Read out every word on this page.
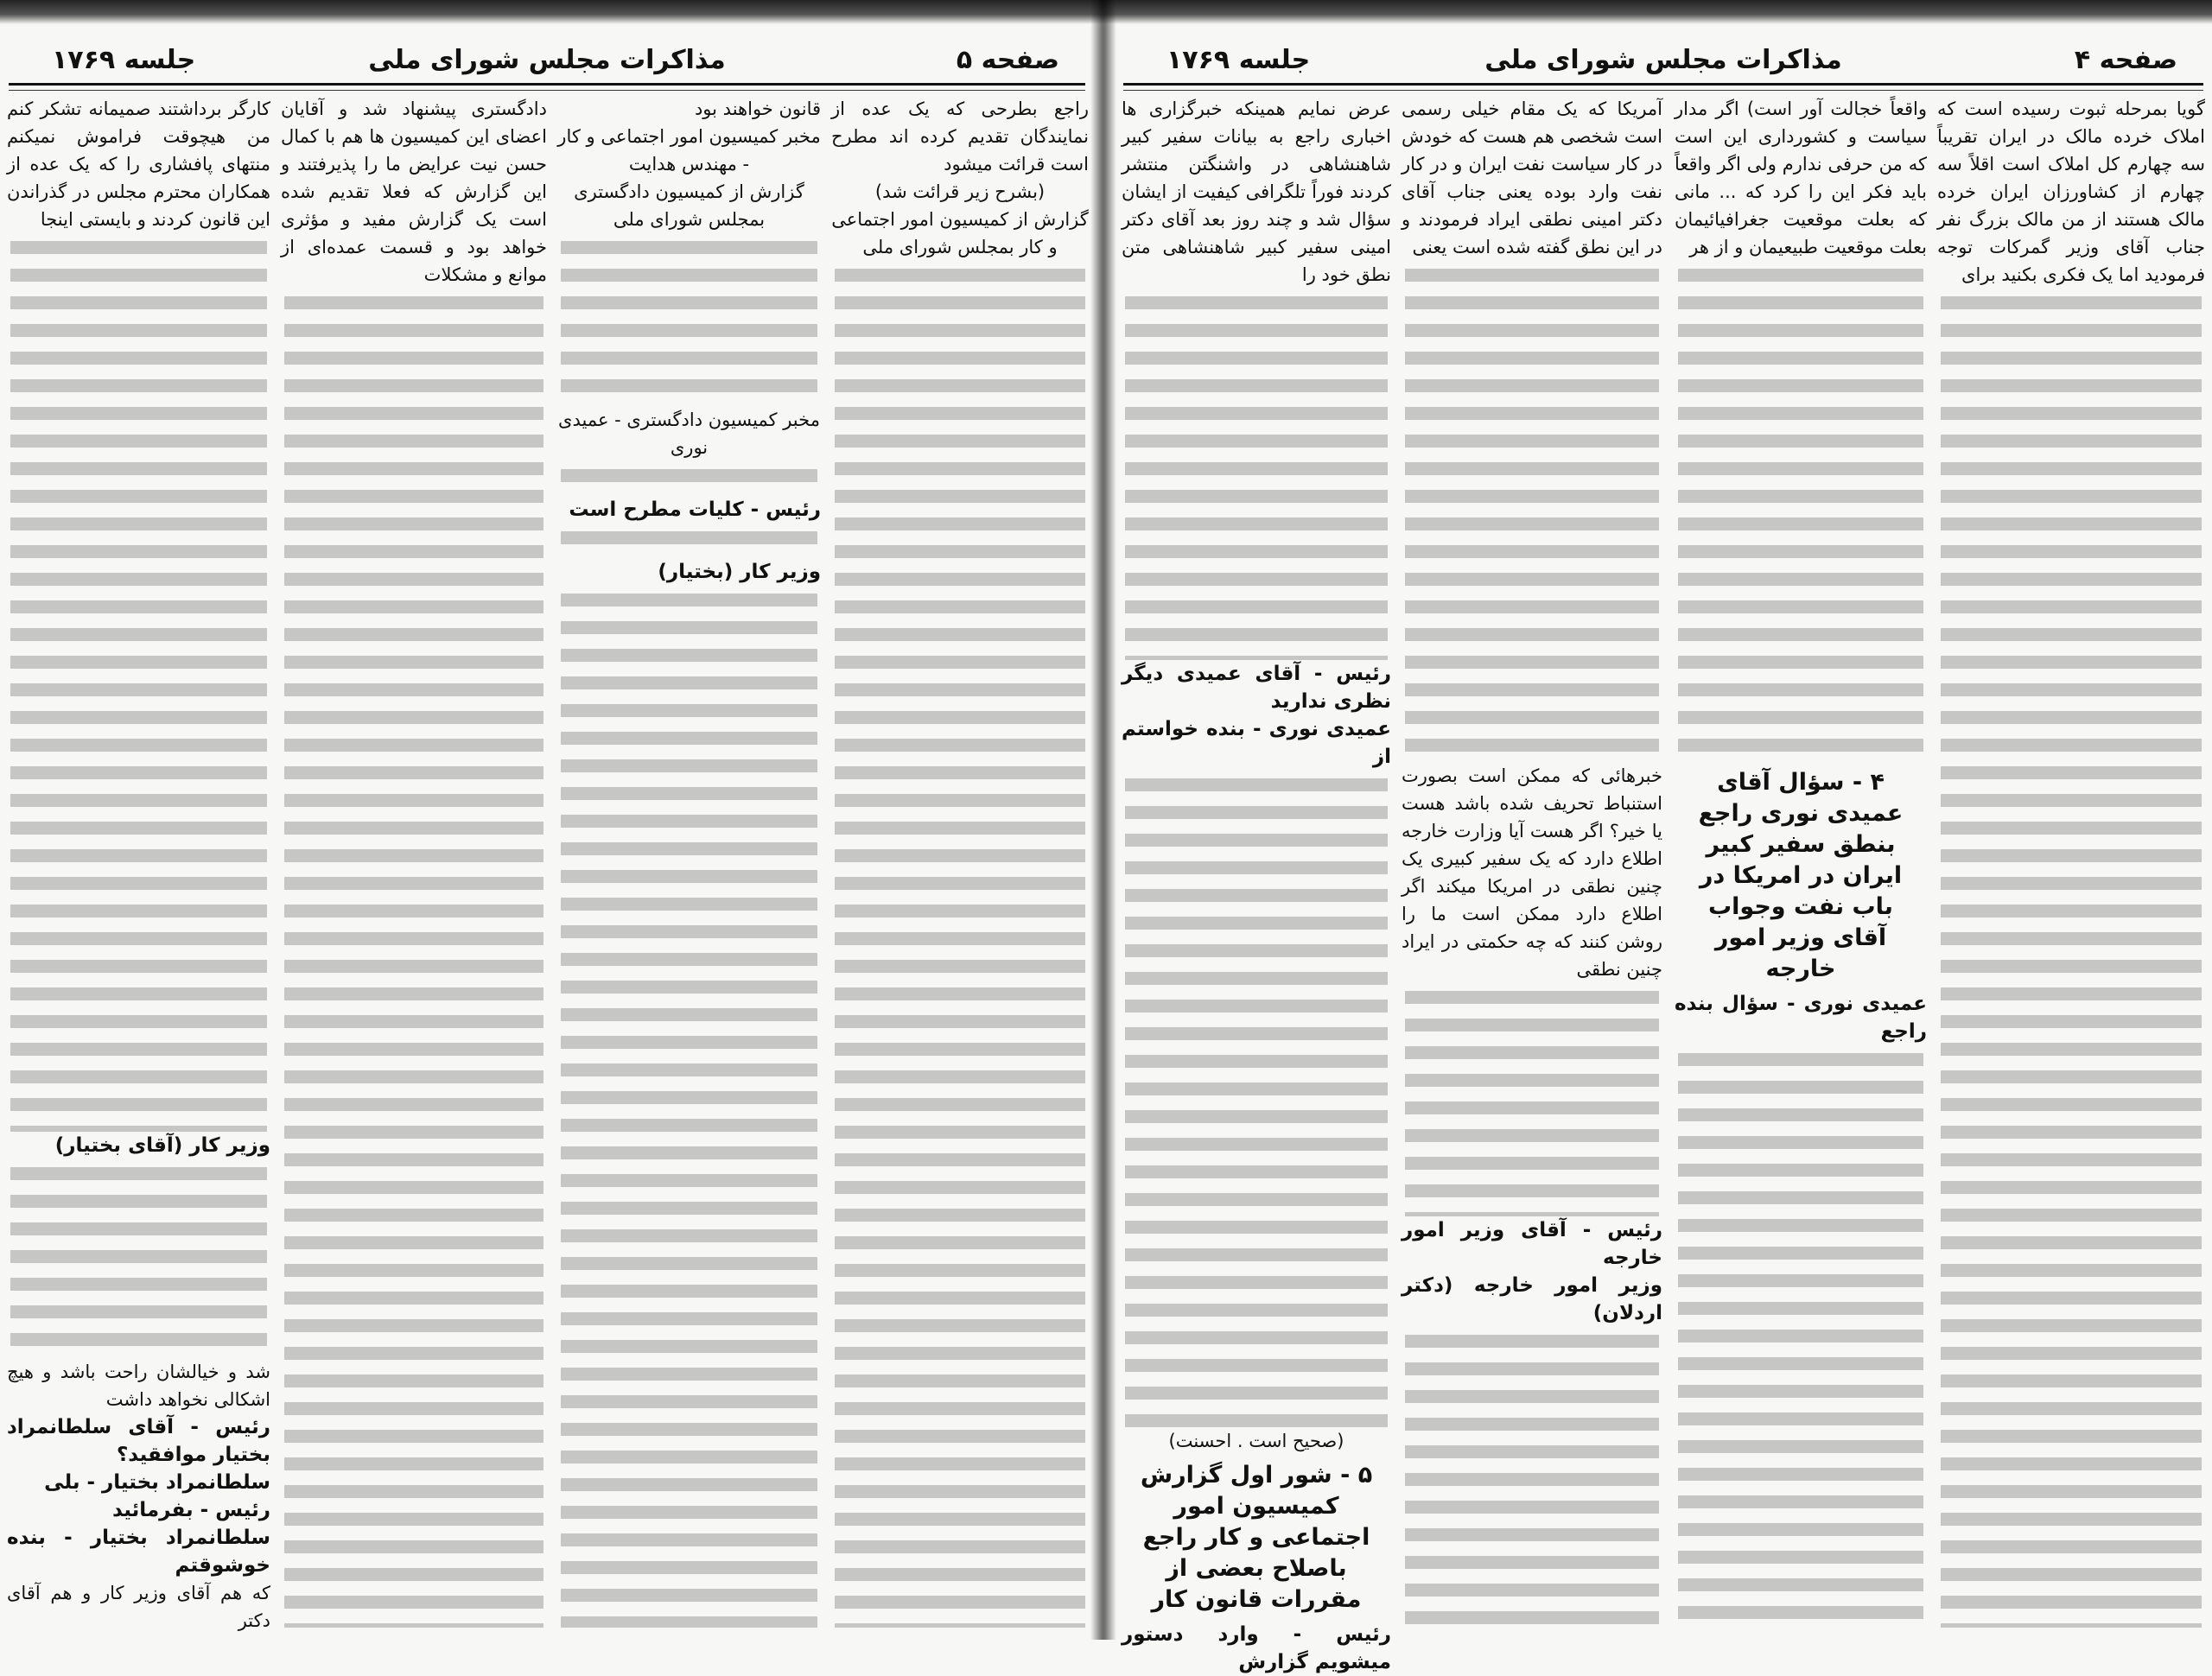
صفحه ۵
مذاکرات مجلس شورای ملی
جلسه ۱۷۶۹

کارگر برداشتند صمیمانه تشکر کنم من هیچوقت فراموش نمیکنم منتهای پافشاری را که یک عده از همکاران محترم مجلس در گذراندن این قانون کردند و بایستی اینجا

وزیر کار (آقای بختیار)

شد و خیالشان راحت باشد و هیچ اشکالی نخواهد داشت

رئیس - آقای سلطانمراد بختیار موافقید؟

سلطانمراد بختیار - بلی

رئیس - بفرمائید

سلطانمراد بختیار - بنده خوشوقتم

که هم آقای وزیر کار و هم آقای دکتر

دادگستری پیشنهاد شد و آقایان اعضای این کمیسیون ها هم با کمال حسن نیت عرایض ما را پذیرفتند و این گزارش که فعلا تقدیم شده است یک گزارش مفید و مؤثری خواهد بود و قسمت عمده‌ای از موانع و مشکلات

قانون خواهند بود

مخبر کمیسیون امور اجتماعی و کار - مهندس هدایت

گزارش از کمیسیون دادگستری بمجلس شورای ملی

مخبر کمیسیون دادگستری - عمیدی نوری

رئیس - کلیات مطرح است

وزیر کار (بختیار)

راجع بطرحی که یک عده از نمایندگان تقدیم کرده اند مطرح است قرائت میشود

(بشرح زیر قرائت شد)

گزارش از کمیسیون امور اجتماعی و کار بمجلس شورای ملی

صفحه ۴
مذاکرات مجلس شورای ملی
جلسه ۱۷۶۹

عرض نمایم همینکه خبرگزاری ها اخباری راجع به بیانات سفیر کبیر شاهنشاهی در واشنگتن منتشر کردند فوراً تلگرافی کیفیت از ایشان سؤال شد و چند روز بعد آقای دکتر امینی سفیر کبیر شاهنشاهی متن نطق خود را

رئیس - آقای عمیدی دیگر نظری ندارید

عمیدی نوری - بنده خواستم از

(صحیح است . احسنت)

۵ - شور اول گزارش کمیسیون امور اجتماعی و کار راجع باصلاح بعضی از مقررات قانون کار

رئیس - وارد دستور میشویم گزارش

آمریکا که یک مقام خیلی رسمی است شخصی هم هست که خودش در کار سیاست نفت ایران و در کار نفت وارد بوده یعنی جناب آقای دکتر امینی نطقی ایراد فرمودند و در این نطق گفته شده است یعنی

خبرهائی که ممکن است بصورت استنباط تحریف شده باشد هست یا خیر؟ اگر هست آیا وزارت خارجه اطلاع دارد که یک سفیر کبیری یک چنین نطقی در امریکا میکند اگر اطلاع دارد ممکن است ما را روشن کنند که چه حکمتی در ایراد چنین نطقی

رئیس - آقای وزیر امور خارجه

وزیر امور خارجه (دکتر اردلان)

واقعاً خجالت آور است) اگر مدار سیاست و کشورداری این است که من حرفی ندارم ولی اگر واقعاً باید فکر این را کرد که ... مانی که بعلت موقعیت جغرافیائیمان بعلت موقعیت طبیعیمان و از هر

۴ - سؤال آقای عمیدی نوری راجع بنطق سفیر کبیر ایران در امریکا در باب نفت وجواب آقای وزیر امور خارجه

عمیدی نوری - سؤال بنده راجع

گویا بمرحله ثبوت رسیده است که املاک خرده مالک در ایران تقریباً سه چهارم کل املاک است اقلاً سه چهارم از کشاورزان ایران خرده مالک هستند از من مالک بزرگ نفر جناب آقای وزیر گمرکات توجه فرمودید اما یک فکری بکنید برای
